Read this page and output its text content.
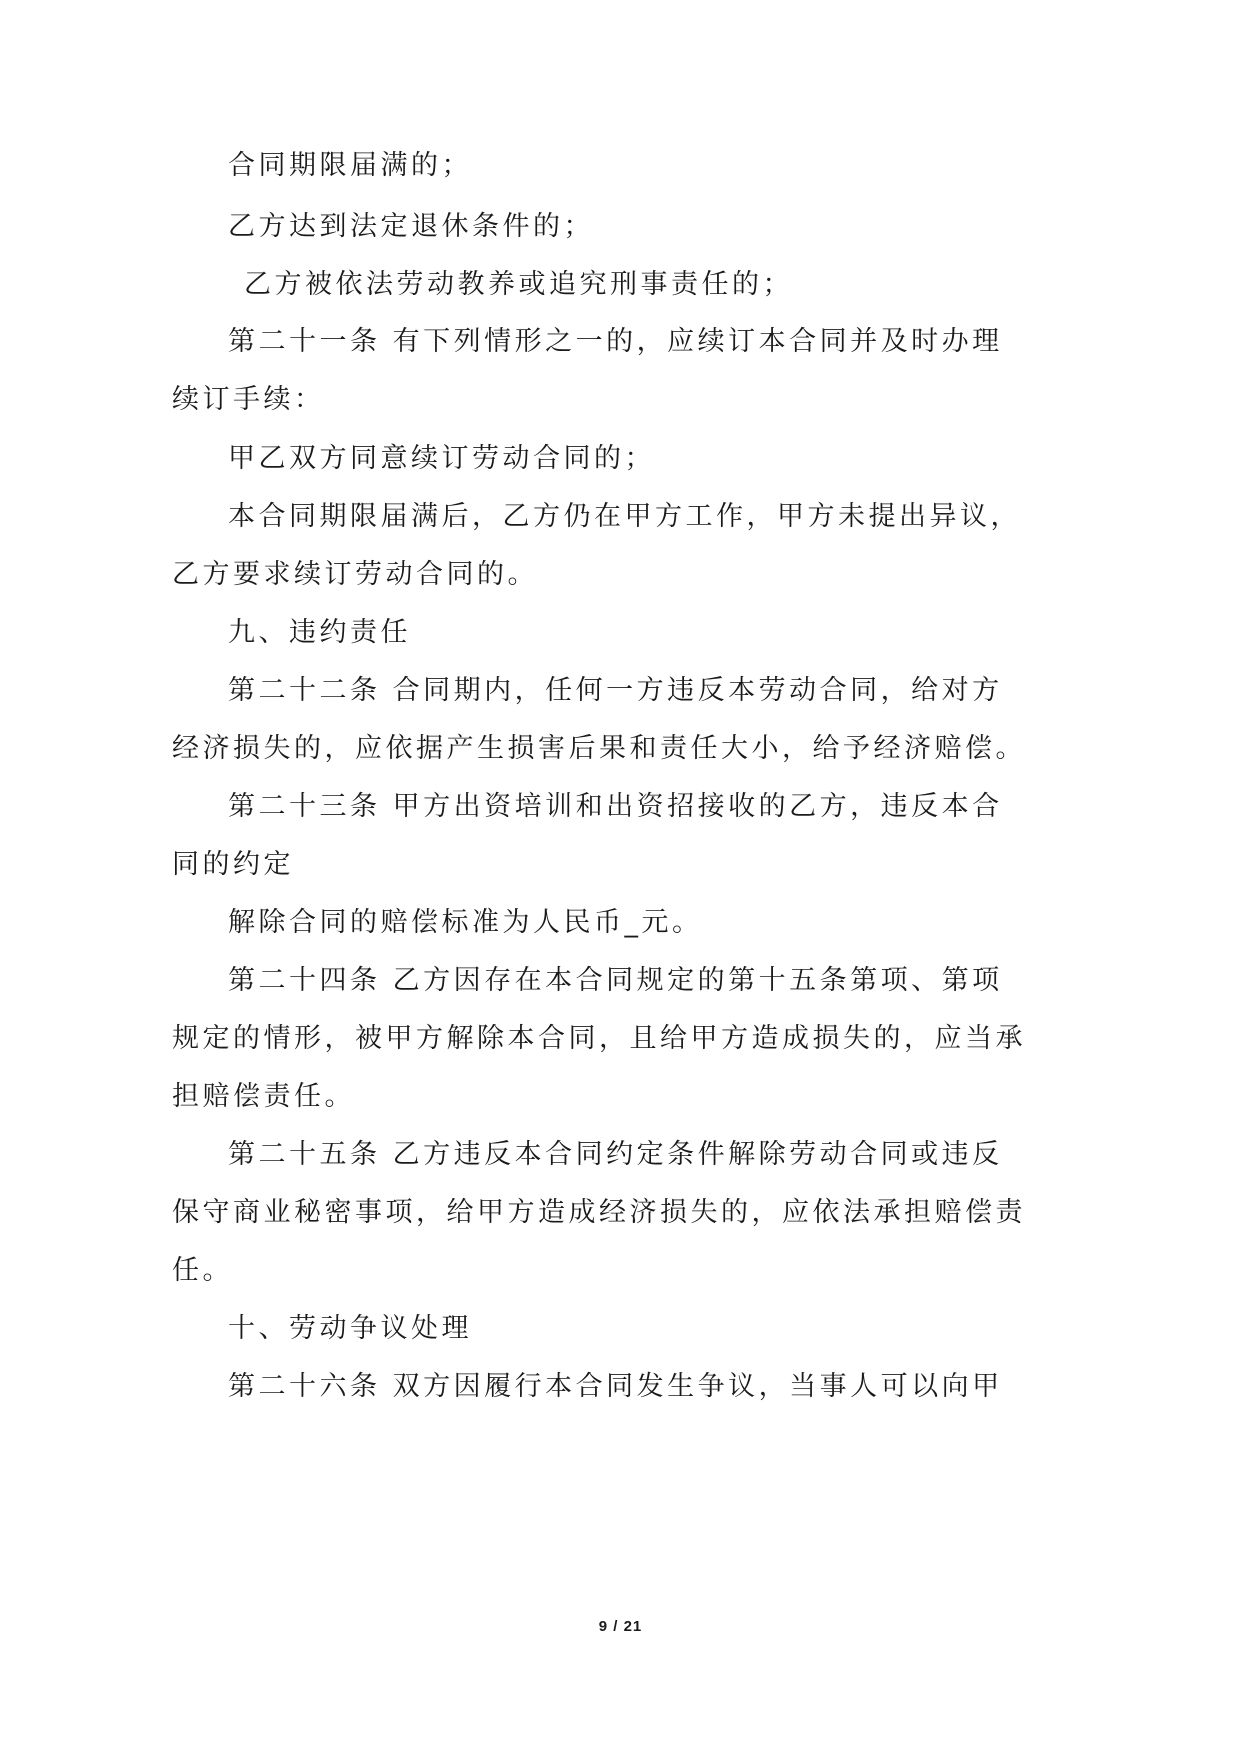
合同期限届满的；

乙方达到法定退休条件的；

乙方被依法劳动教养或追究刑事责任的；

第二十一条 有下列情形之一的，应续订本合同并及时办理

续订手续：

甲乙双方同意续订劳动合同的；

本合同期限届满后，乙方仍在甲方工作，甲方未提出异议，

乙方要求续订劳动合同的。

九、违约责任

第二十二条 合同期内，任何一方违反本劳动合同，给对方

经济损失的，应依据产生损害后果和责任大小，给予经济赔偿。

第二十三条 甲方出资培训和出资招接收的乙方，违反本合

同的约定

解除合同的赔偿标准为人民币_元。

第二十四条 乙方因存在本合同规定的第十五条第项、第项

规定的情形，被甲方解除本合同，且给甲方造成损失的，应当承

担赔偿责任。

第二十五条 乙方违反本合同约定条件解除劳动合同或违反

保守商业秘密事项，给甲方造成经济损失的，应依法承担赔偿责

任。

十、劳动争议处理

第二十六条 双方因履行本合同发生争议，当事人可以向甲

9 / 21
